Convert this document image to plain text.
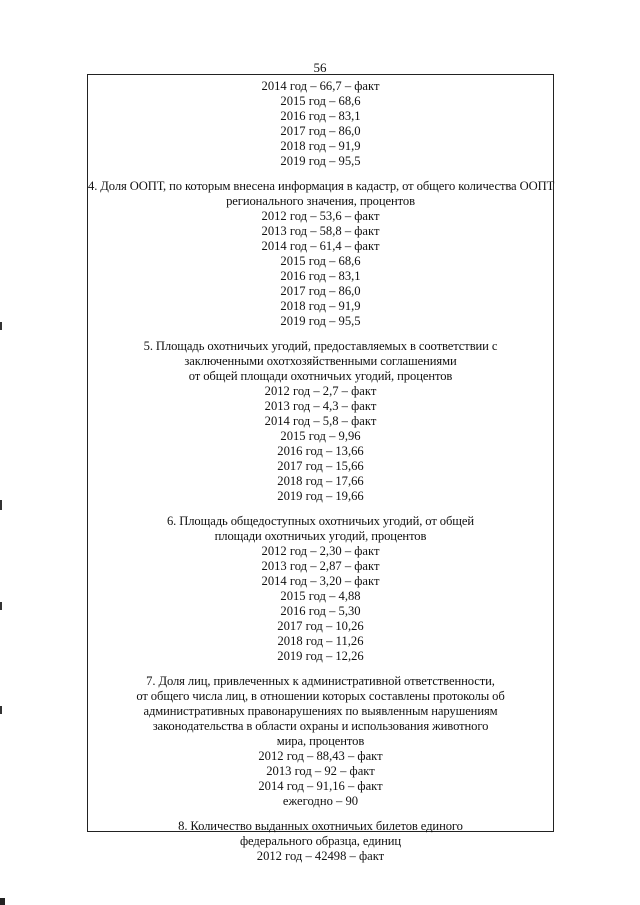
56
2014 год – 66,7 – факт
2015 год – 68,6
2016 год – 83,1
2017 год – 86,0
2018 год – 91,9
2019 год – 95,5
4. Доля ООПТ, по которым внесена информация в кадастр, от общего количества ООПТ
регионального значения, процентов
2012 год – 53,6 – факт
2013 год – 58,8 – факт
2014 год – 61,4 – факт
2015 год – 68,6
2016 год – 83,1
2017 год – 86,0
2018 год – 91,9
2019 год – 95,5
5. Площадь охотничьих угодий, предоставляемых в соответствии с
заключенными охотхозяйственными соглашениями
от общей площади охотничьих угодий, процентов
2012 год – 2,7 – факт
2013 год – 4,3 – факт
2014 год – 5,8 – факт
2015 год – 9,96
2016 год – 13,66
2017 год – 15,66
2018 год – 17,66
2019 год – 19,66
6. Площадь общедоступных охотничьих угодий, от общей
площади охотничьих угодий, процентов
2012 год – 2,30 – факт
2013 год – 2,87 – факт
2014 год – 3,20 – факт
2015 год – 4,88
2016 год – 5,30
2017 год – 10,26
2018 год – 11,26
2019 год – 12,26
7. Доля лиц, привлеченных к административной ответственности,
от общего числа лиц, в отношении которых составлены протоколы об
административных правонарушениях по выявленным нарушениям
законодательства в области охраны и использования животного
мира, процентов
2012 год – 88,43 – факт
2013 год – 92 – факт
2014 год – 91,16 – факт
ежегодно – 90
8. Количество выданных охотничьих билетов единого
федерального образца, единиц
2012 год – 42498 – факт
